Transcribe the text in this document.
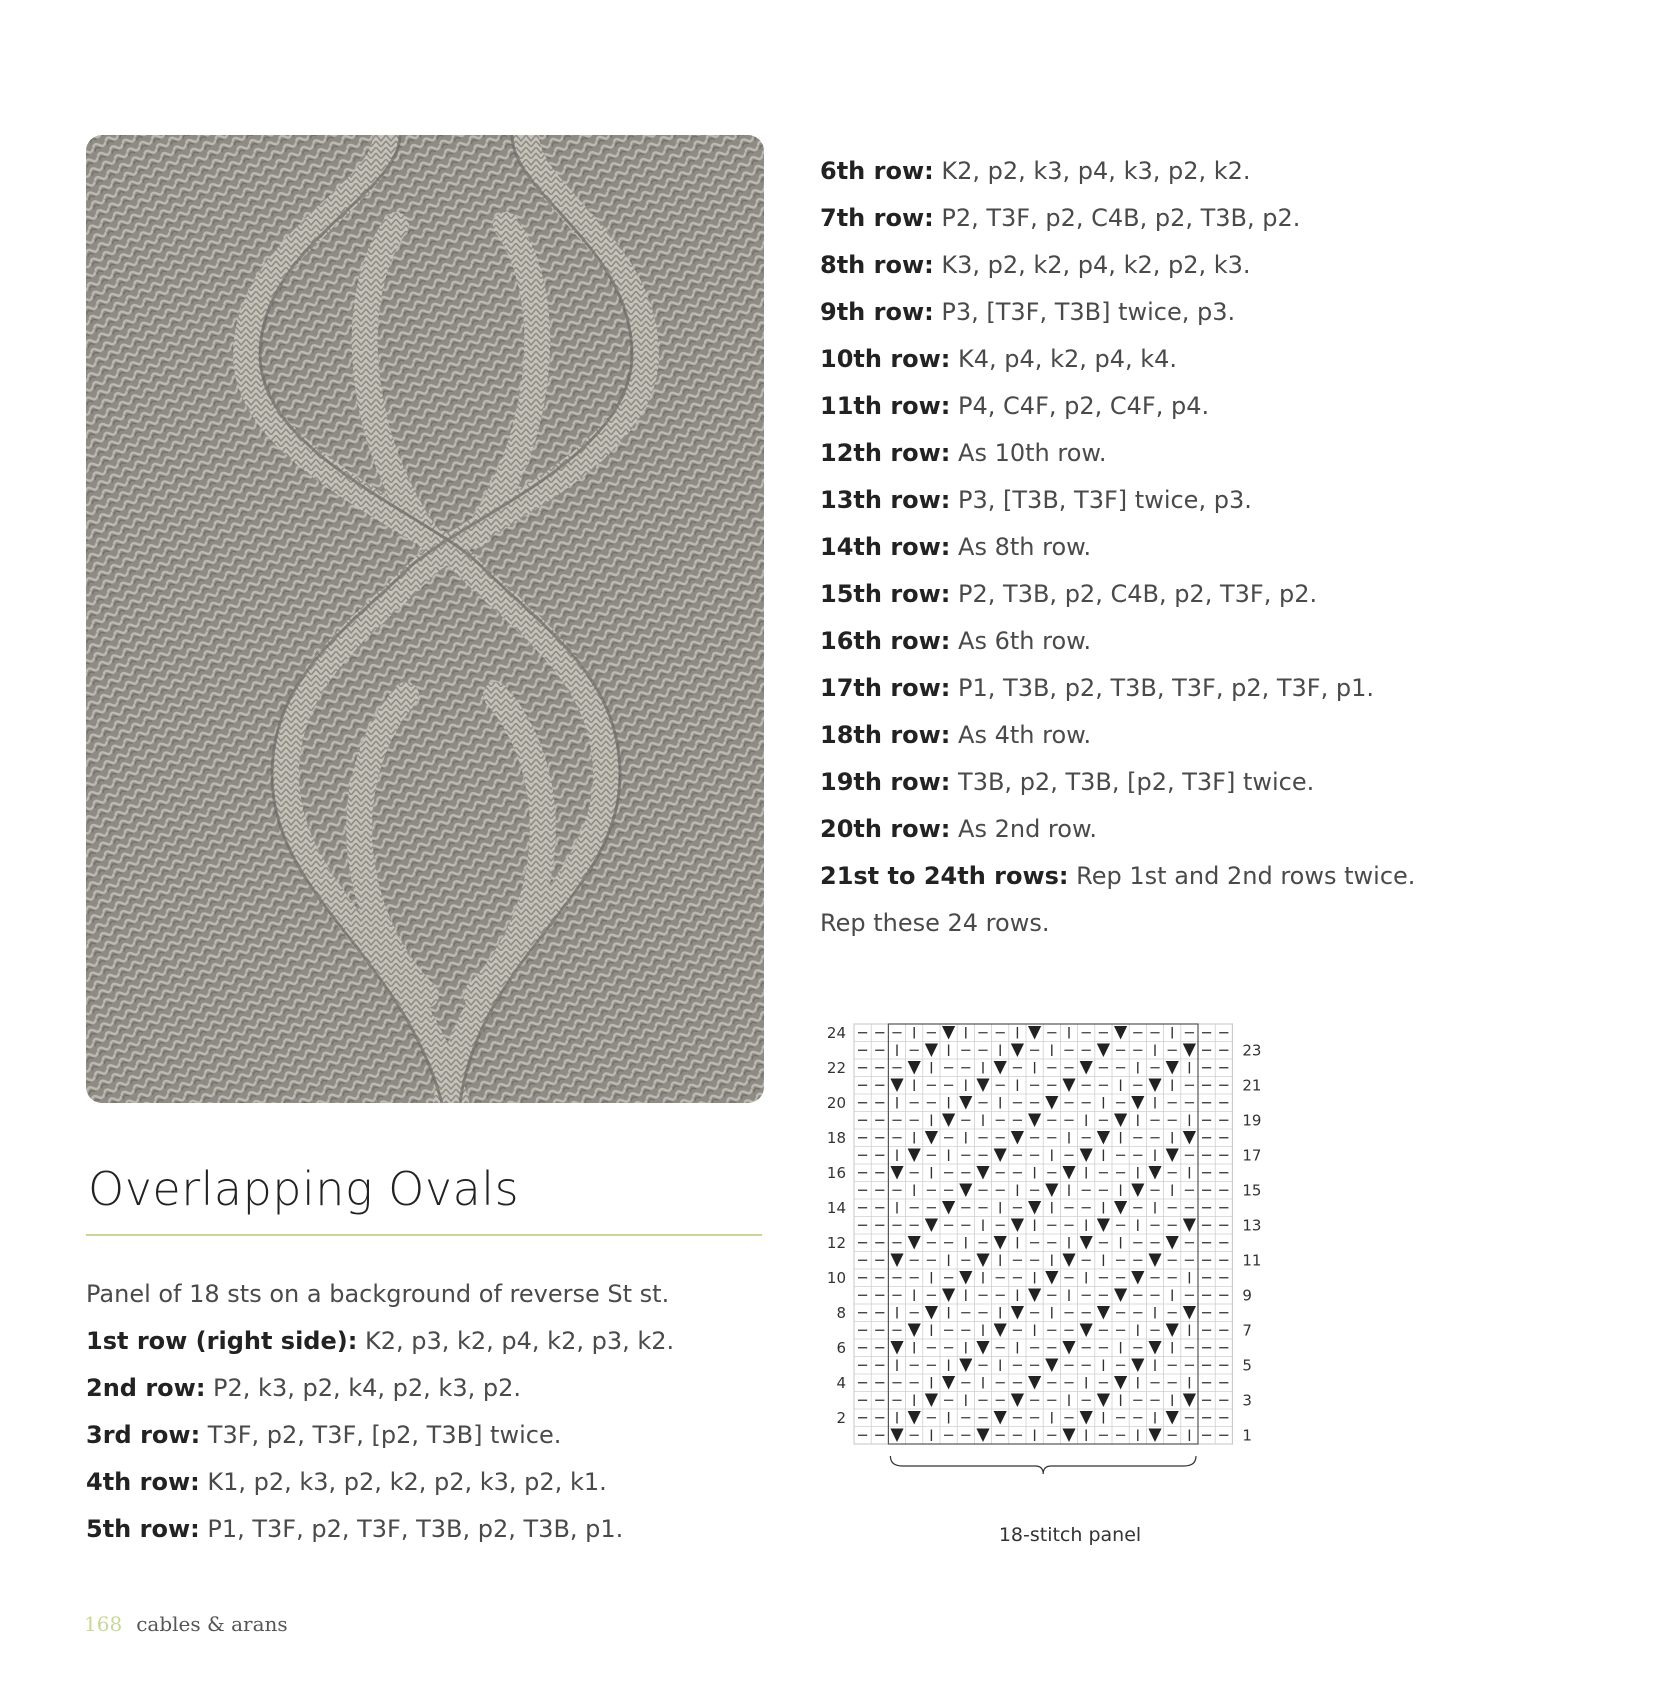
Overlapping Ovals
Panel of 18 sts on a background of reverse St st.
1st row (right side): K2, p3, k2, p4, k2, p3, k2.
2nd row: P2, k3, p2, k4, p2, k3, p2.
3rd row: T3F, p2, T3F, [p2, T3B] twice.
4th row: K1, p2, k3, p2, k2, p2, k3, p2, k1.
5th row: P1, T3F, p2, T3F, T3B, p2, T3B, p1.
6th row: K2, p2, k3, p4, k3, p2, k2.
7th row: P2, T3F, p2, C4B, p2, T3B, p2.
8th row: K3, p2, k2, p4, k2, p2, k3.
9th row: P3, [T3F, T3B] twice, p3.
10th row: K4, p4, k2, p4, k4.
11th row: P4, C4F, p2, C4F, p4.
12th row: As 10th row.
13th row: P3, [T3B, T3F] twice, p3.
14th row: As 8th row.
15th row: P2, T3B, p2, C4B, p2, T3F, p2.
16th row: As 6th row.
17th row: P1, T3B, p2, T3B, T3F, p2, T3F, p1.
18th row: As 4th row.
19th row: T3B, p2, T3B, [p2, T3F] twice.
20th row: As 2nd row.
21st to 24th rows: Rep 1st and 2nd rows twice.
Rep these 24 rows.
24
22
20
18
16
14
12
10
8
6
4
2
23
21
19
17
15
13
11
9
7
5
3
1
18-stitch panel
168 cables & arans
